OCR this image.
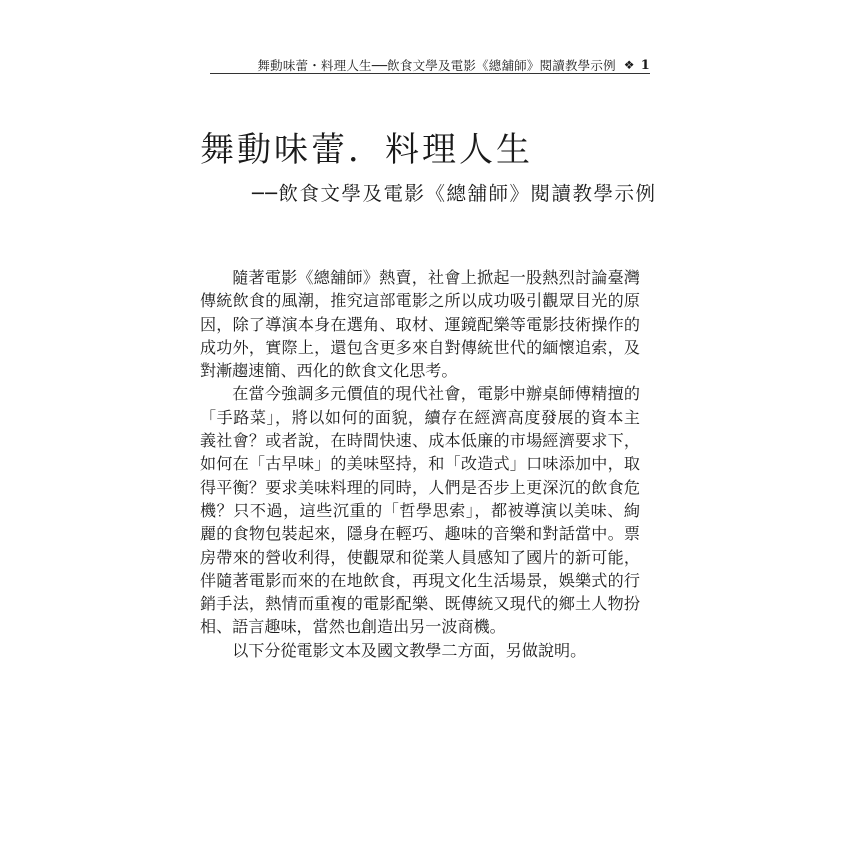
舞動味蕾・料理人生──飲食文學及電影《總舖師》閱讀教學示例 ❖ 1
舞動味蕾．料理人生
──飲食文學及電影《總舖師》閱讀教學示例

隨著電影《總舖師》熱賣，社會上掀起一股熱烈討論臺灣傳統飲食的風潮，推究這部電影之所以成功吸引觀眾目光的原因，除了導演本身在選角、取材、運鏡配樂等電影技術操作的成功外，實際上，還包含更多來自對傳統世代的緬懷追索，及對漸趨速簡、西化的飲食文化思考。

在當今強調多元價值的現代社會，電影中辦桌師傅精擅的「手路菜」，將以如何的面貌，續存在經濟高度發展的資本主義社會？或者說，在時間快速、成本低廉的市場經濟要求下，如何在「古早味」的美味堅持，和「改造式」口味添加中，取得平衡？要求美味料理的同時，人們是否步上更深沉的飲食危機？只不過，這些沉重的「哲學思索」，都被導演以美味、絢麗的食物包裝起來，隱身在輕巧、趣味的音樂和對話當中。票房帶來的營收利得，使觀眾和從業人員感知了國片的新可能，伴隨著電影而來的在地飲食，再現文化生活場景，娛樂式的行銷手法，熱情而重複的電影配樂、既傳統又現代的鄉土人物扮相、語言趣味，當然也創造出另一波商機。

以下分從電影文本及國文教學二方面，另做說明。
